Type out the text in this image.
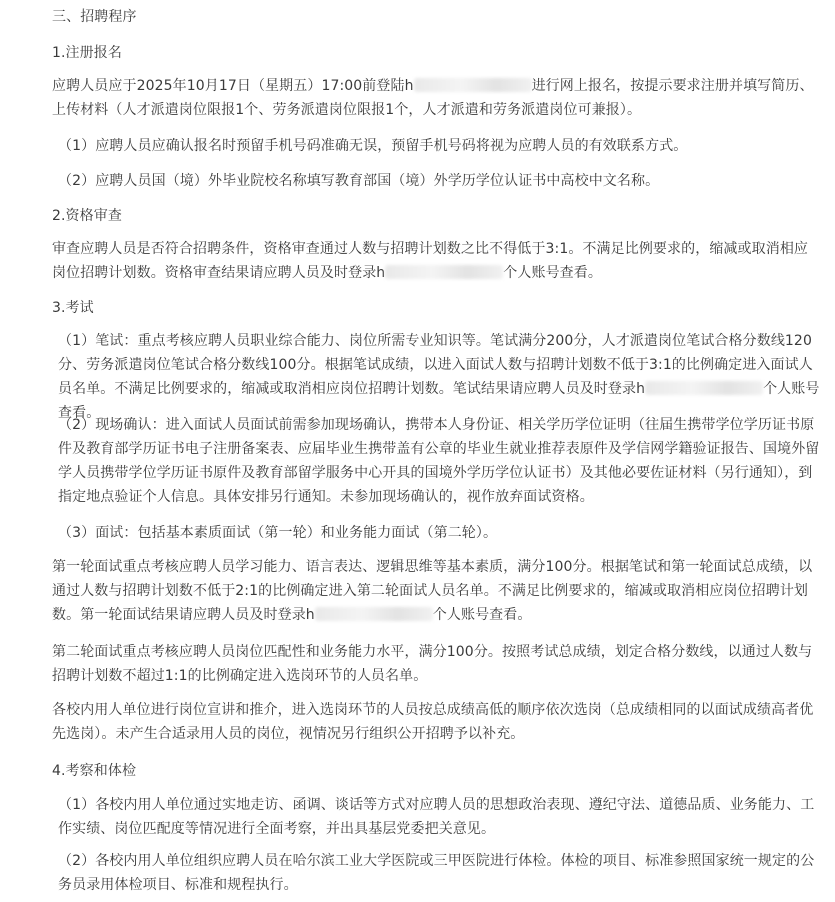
三、招聘程序

1.注册报名

应聘人员应于2025年10月17日（星期五）17:00前登陆h	进行网上报名，按提示要求注册并填写简历、上传材料（人才派遣岗位限报1个、劳务派遣岗位限报1个，人才派遣和劳务派遣岗位可兼报）。

（1）应聘人员应确认报名时预留手机号码准确无误，预留手机号码将视为应聘人员的有效联系方式。

（2）应聘人员国（境）外毕业院校名称填写教育部国（境）外学历学位认证书中高校中文名称。

2.资格审查

审查应聘人员是否符合招聘条件，资格审查通过人数与招聘计划数之比不得低于3:1。不满足比例要求的，缩减或取消相应岗位招聘计划数。资格审查结果请应聘人员及时登录h	个人账号查看。

3.考试

（1）笔试：重点考核应聘人员职业综合能力、岗位所需专业知识等。笔试满分200分，人才派遣岗位笔试合格分数线120分、劳务派遣岗位笔试合格分数线100分。根据笔试成绩，以进入面试人数与招聘计划数不低于3:1的比例确定进入面试人员名单。不满足比例要求的，缩减或取消相应岗位招聘计划数。笔试结果请应聘人员及时登录h	个人账号查看。

（2）现场确认：进入面试人员面试前需参加现场确认，携带本人身份证、相关学历学位证明（往届生携带学位学历证书原件及教育部学历证书电子注册备案表、应届毕业生携带盖有公章的毕业生就业推荐表原件及学信网学籍验证报告、国境外留学人员携带学位学历证书原件及教育部留学服务中心开具的国境外学历学位认证书）及其他必要佐证材料（另行通知），到指定地点验证个人信息。具体安排另行通知。未参加现场确认的，视作放弃面试资格。

（3）面试：包括基本素质面试（第一轮）和业务能力面试（第二轮）。

第一轮面试重点考核应聘人员学习能力、语言表达、逻辑思维等基本素质，满分100分。根据笔试和第一轮面试总成绩，以通过人数与招聘计划数不低于2:1的比例确定进入第二轮面试人员名单。不满足比例要求的，缩减或取消相应岗位招聘计划数。第一轮面试结果请应聘人员及时登录h	个人账号查看。

第二轮面试重点考核应聘人员岗位匹配性和业务能力水平，满分100分。按照考试总成绩，划定合格分数线，以通过人数与招聘计划数不超过1:1的比例确定进入选岗环节的人员名单。

各校内用人单位进行岗位宣讲和推介，进入选岗环节的人员按总成绩高低的顺序依次选岗（总成绩相同的以面试成绩高者优先选岗）。未产生合适录用人员的岗位，视情况另行组织公开招聘予以补充。

4.考察和体检

（1）各校内用人单位通过实地走访、函调、谈话等方式对应聘人员的思想政治表现、遵纪守法、道德品质、业务能力、工作实绩、岗位匹配度等情况进行全面考察，并出具基层党委把关意见。

（2）各校内用人单位组织应聘人员在哈尔滨工业大学医院或三甲医院进行体检。体检的项目、标准参照国家统一规定的公务员录用体检项目、标准和规程执行。
